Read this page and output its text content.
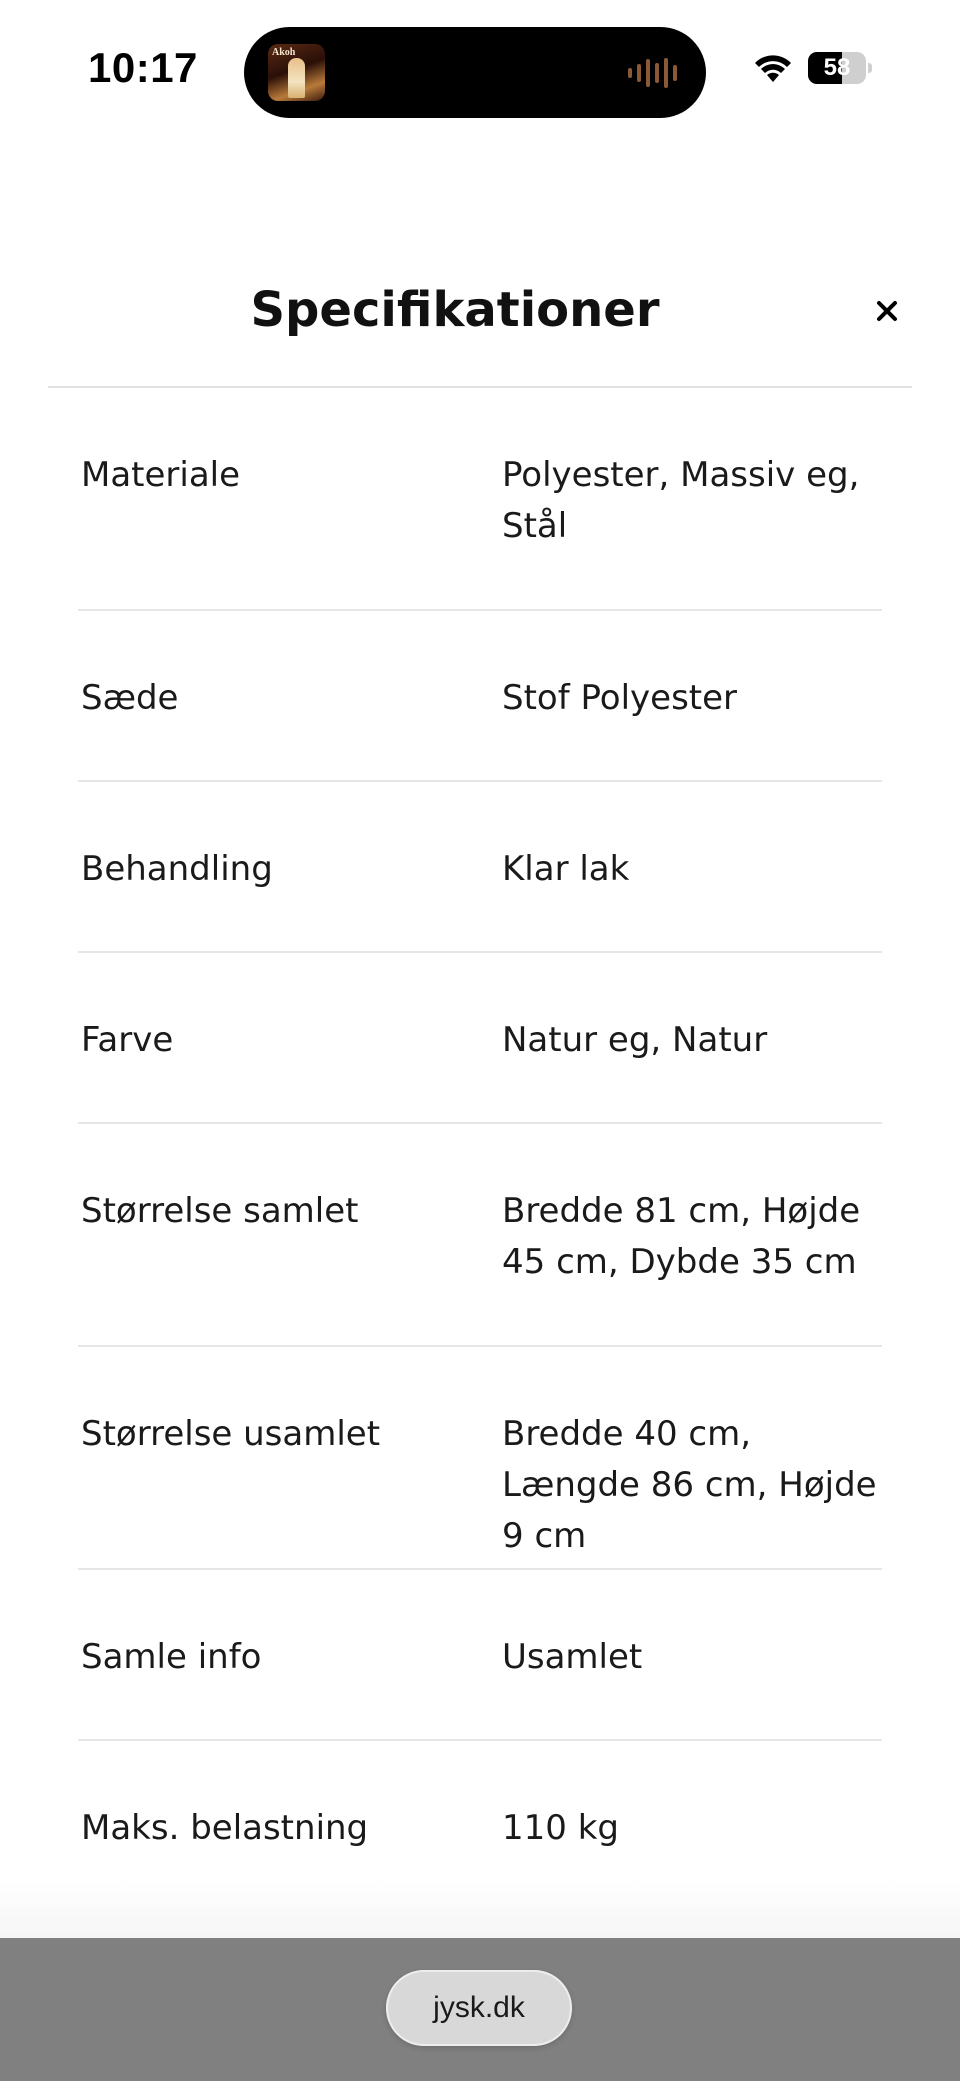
10:17	Akoh
58
Specifikationer
Materiale	Polyester, Massiv eg, Stål
Sæde	Stof Polyester
Behandling	Klar lak
Farve	Natur eg, Natur
Størrelse samlet	Bredde 81 cm, Højde 45 cm, Dybde 35 cm
Størrelse usamlet	Bredde 40 cm, Længde 86 cm, Højde 9 cm
Samle info	Usamlet
Maks. belastning	110 kg
jysk.dk
